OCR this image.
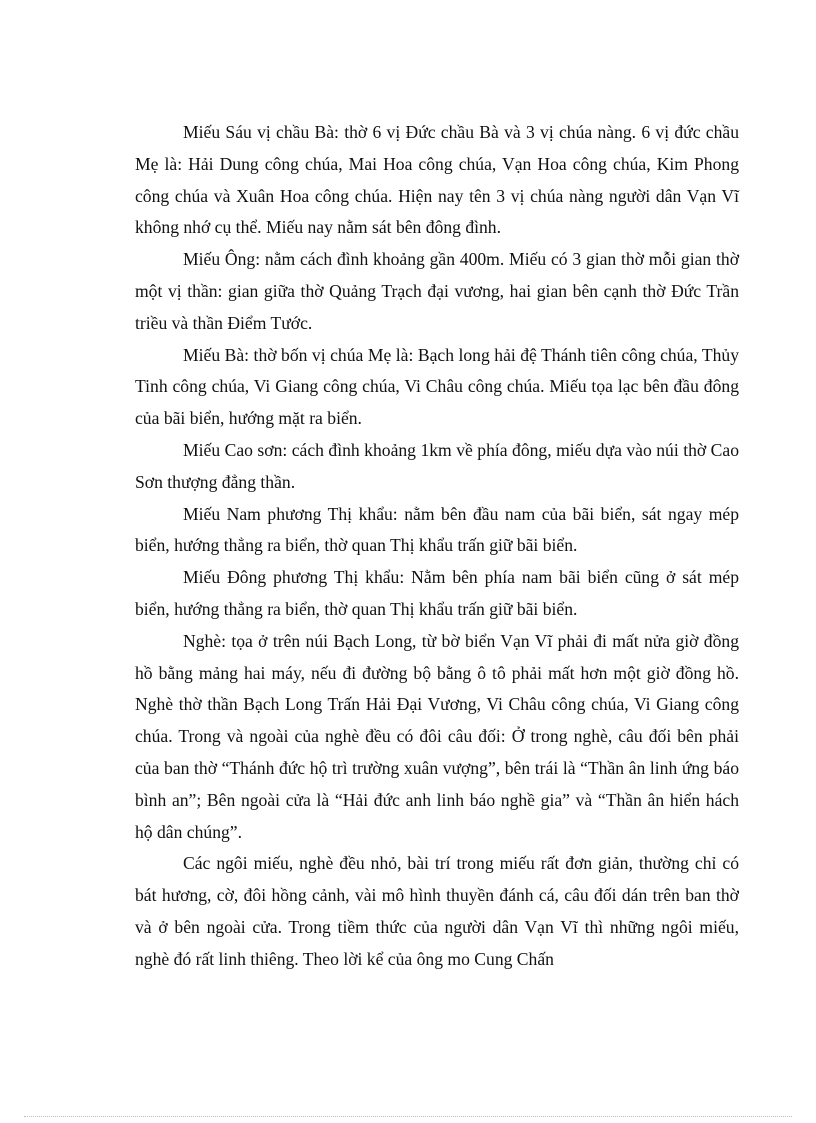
Miếu Sáu vị chầu Bà: thờ 6 vị Đức chầu Bà và 3 vị chúa nàng. 6 vị đức chầu Mẹ là: Hải Dung công chúa, Mai Hoa công chúa, Vạn Hoa công chúa, Kim Phong công chúa và Xuân Hoa công chúa. Hiện nay tên 3 vị chúa nàng người dân Vạn Vĩ không nhớ cụ thể. Miếu nay nằm sát bên đông đình.

Miếu Ông: nằm cách đình khoảng gần 400m. Miếu có 3 gian thờ mỗi gian thờ một vị thần: gian giữa thờ Quảng Trạch đại vương, hai gian bên cạnh thờ Đức Trần triều và thần Điểm Tước.

Miếu Bà: thờ bốn vị chúa Mẹ là: Bạch long hải đệ Thánh tiên công chúa, Thủy Tinh công chúa, Vi Giang công chúa, Vi Châu công chúa. Miếu tọa lạc bên đầu đông của bãi biển, hướng mặt ra biển.

Miếu Cao sơn: cách đình khoảng 1km về phía đông, miếu dựa vào núi thờ Cao Sơn thượng đẳng thần.

Miếu Nam phương Thị khẩu: nằm bên đầu nam của bãi biển, sát ngay mép biển, hướng thẳng ra biển, thờ quan Thị khẩu trấn giữ bãi biển.

Miếu Đông phương Thị khẩu: Nằm bên phía nam bãi biển cũng ở sát mép biển, hướng thẳng ra biển, thờ quan Thị khẩu trấn giữ bãi biển.

Nghè: tọa ở trên núi Bạch Long, từ bờ biển Vạn Vĩ phải đi mất nửa giờ đồng hồ bằng mảng hai máy, nếu đi đường bộ bằng ô tô phải mất hơn một giờ đồng hồ. Nghè thờ thần Bạch Long Trấn Hải Đại Vương, Vi Châu công chúa, Vi Giang công chúa. Trong và ngoài của nghè đều có đôi câu đối: Ở trong nghè, câu đối bên phải của ban thờ “Thánh đức hộ trì trường xuân vượng”, bên trái là “Thần ân linh ứng báo bình an”; Bên ngoài cửa là “Hải đức anh linh báo nghề gia” và “Thần ân hiển hách hộ dân chúng”.

Các ngôi miếu, nghè đều nhỏ, bài trí trong miếu rất đơn giản, thường chỉ có bát hương, cờ, đôi hồng cảnh, vài mô hình thuyền đánh cá, câu đối dán trên ban thờ và ở bên ngoài cửa. Trong tiềm thức của người dân Vạn Vĩ thì những ngôi miếu, nghè đó rất linh thiêng. Theo lời kể của ông mo Cung Chấn
